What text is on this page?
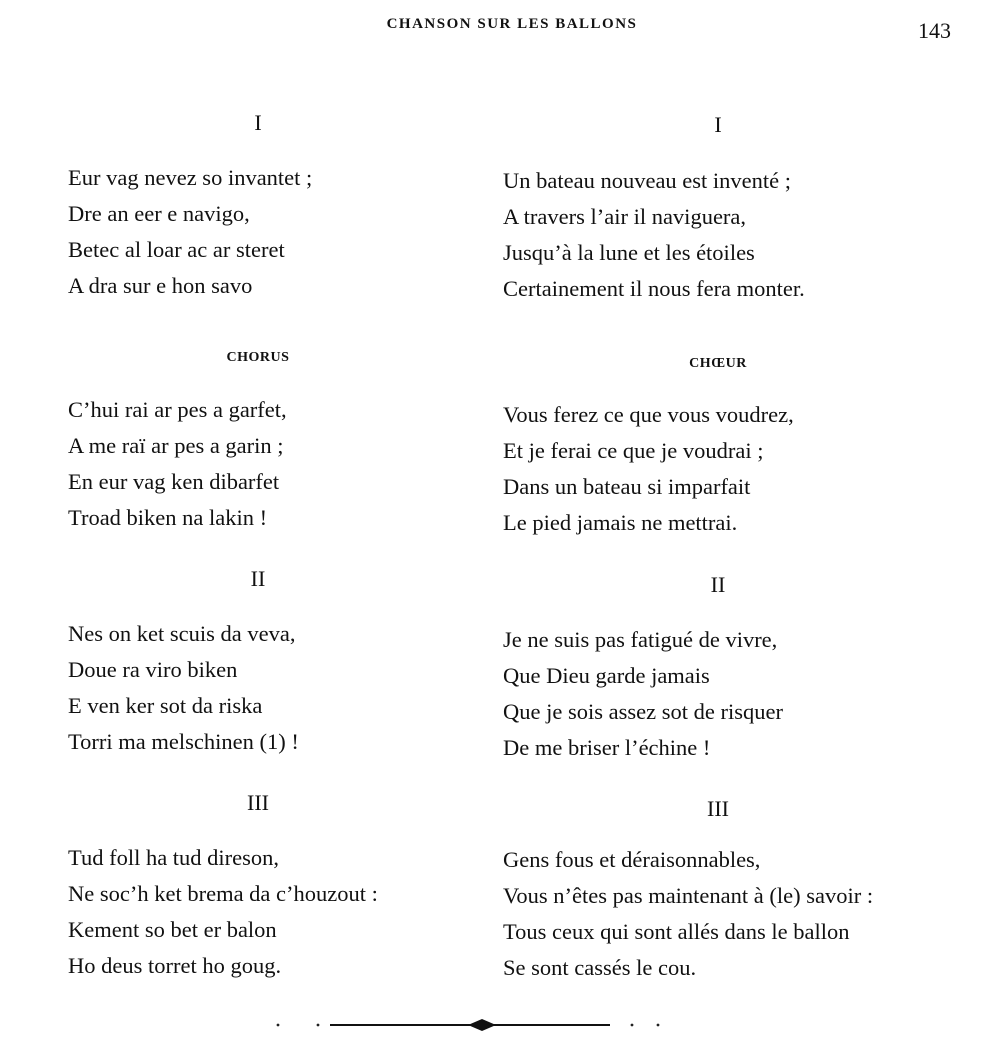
CHANSON SUR LES BALLONS	143
I
Eur vag nevez so invantet ;
Dre an eer e navigo,
Betec al loar ac ar steret
A dra sur e hon savo
CHORUS
C’hui rai ar pes a garfet,
A me raï ar pes a garin ;
En eur vag ken dibarfet
Troad biken na lakin !
II
Nes on ket scuis da veva,
Doue ra viro biken
E ven ker sot da riska
Torri ma melschinen (1) !
III
Tud foll ha tud direson,
Ne soc’h ket brema da c’houzout :
Kement so bet er balon
Ho deus torret ho goug.
I
Un bateau nouveau est inventé ;
A travers l’air il naviguera,
Jusqu’à la lune et les étoiles
Certainement il nous fera monter.
CHŒUR
Vous ferez ce que vous voudrez,
Et je ferai ce que je voudrai ;
Dans un bateau si imparfait
Le pied jamais ne mettrai.
II
Je ne suis pas fatigué de vivre,
Que Dieu garde jamais
Que je sois assez sot de risquer
De me briser l’échine !
III
Gens fous et déraisonnables,
Vous n’êtes pas maintenant à (le) savoir :
Tous ceux qui sont allés dans le ballon
Se sont cassés le cou.
